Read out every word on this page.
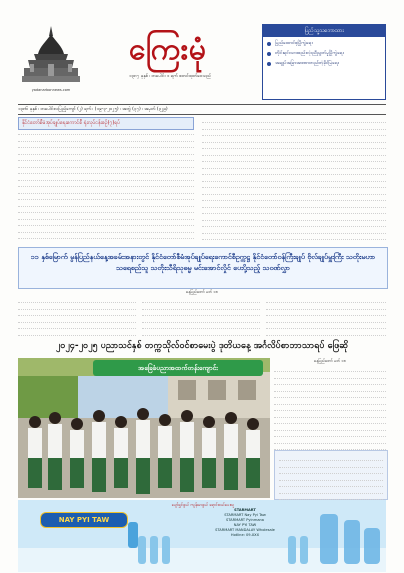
yadanarbonnews.com
ကြေးမုံ
၁၃၈၇ ခုနှစ် ၊ တပေါင်း ၁ ရက် စတင်ထုတ်ဝေသည်
ပြည်သူ့သဘောထား
ပြည်ထောင်စုပြိုကွဲရေး
တိုင်းရင်းသားစည်းလုံးညီညွတ်မှုပြိုကွဲရေး
အချုပ်အခြာအာဏာတည်တံ့ခိုင်မြဲရေး
၁၃၈၆ ခုနှစ် ၊ တပေါင်းလပြည့်ကျော် (၂) ရက် ၊ (၁၉-၃-၂၀၂၅) ၊ အတွဲ (၃၇) ၊ အမှတ် (၃၂၉)
နိုင်ငံတော်စီမံအုပ်ချုပ်ရေးကောင်စီ ရုံးလုပ်ငန်းစဉ်(၇)ရပ်
၁၁ နှစ်မြောက် မွန်ပြည်နယ်နေ့အခမ်းအနားတွင် နိုင်ငံတော်စီမံအုပ်ချုပ်ရေးကောင်စီဥက္ကဋ္ဌ နိုင်ငံတော်ဝန်ကြီးချုပ် ဗိုလ်ချုပ်မှူးကြီး သတိုးမဟာသရေစည်သူ သတိုးသီရိသုဓမ္မ မင်းအောင်လှိုင် ပေးပို့သည့် သဝဏ်လွှာ
နေပြည်တော် မတ် ၁၈
၂၀၂၄-၂၀၂၅ ပညာသင်နှစ် တက္ကသိုလ်ဝင်စာမေးပွဲ ဒုတိယနေ့ အင်္ဂလိပ်စာဘာသာရပ် ဖြေဆို
အခြေခံပညာအထက်တန်းကျောင်း
နေပြည်တော် မတ် ၁၈
ပျော်ရွှင်ဖွယ် ကျန်းမာဖွယ် ရောင်းဝယ်ပေးသူ
NAY PYI TAW
STARMART
STARMART Nay Pyi Taw
STARMART Pyinmana
NAY PYI TAW
STARMART MANDALAY Wholesale
Hotline: 09-XXX
